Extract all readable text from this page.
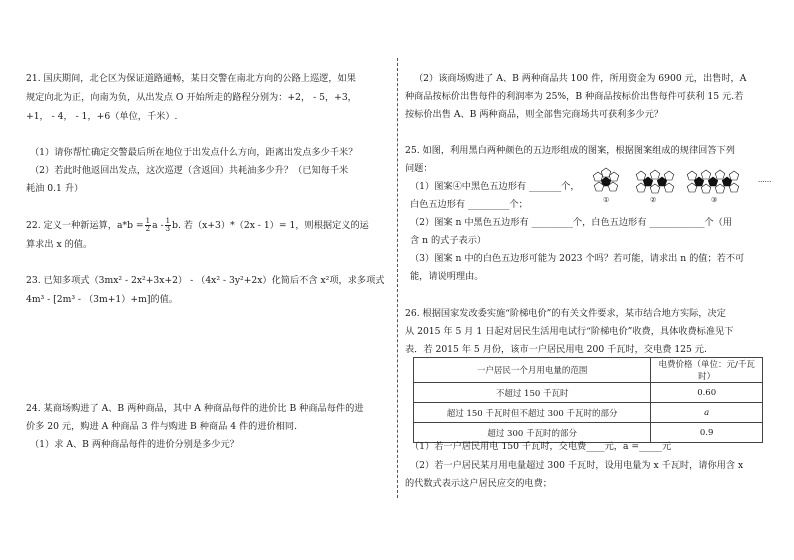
21. 国庆期间，北仑区为保证道路通畅，某日交警在南北方向的公路上巡逻，如果
规定向北为正，向南为负，从出发点 O 开始所走的路程分别为：+2， - 5，+3，
+1， - 4， - 1，+6（单位，千米）.
（1）请你帮忙确定交警最后所在地位于出发点什么方向，距离出发点多少千米？
（2）若此时他返回出发点，这次巡逻（含返回）共耗油多少升？（已知每千米
耗油 0.1 升）
22. 定义一种新运算，$a*b = \frac{1}{2}$ a - $\frac{1}{3} b$. 若（x+3）*（2x - 1）= 1，则根据定义的运
算求出 x 的值。
23. 已知多项式（3mx² - 2x²+3x+2） - （4x² - 3y²+2x）化简后不含 x²项，求多项式
4m³ - [2m³ - （3m+1）+m]的值。
24. 某商场购进了 A、B 两种商品，其中 A 种商品每件的进价比 B 种商品每件的进
价多 20 元，购进 A 种商品 3 件与购进 B 种商品 4 件的进价相同.
（1）求 A、B 两种商品每件的进价分别是多少元？
（2）该商场购进了 A、B 两种商品共 100 件，所用资金为 6900 元，出售时，A
种商品按标价出售每件的利润率为 25%，B 种商品按标价出售每件可获利 15 元.若
按标价出售 A、B 两种商品，则全部售完商场共可获利多少元？
25. 如图，利用黑白两种颜色的五边形组成的图案，根据图案组成的规律回答下列
问题：
（1）图案④中黑色五边形有 _______个，
白色五边形有 _________个；
（2）图案 n 中黑色五边形有 _________个，白色五边形有 ____________个（用
含 n 的式子表示）
（3）图案 n 中的白色五边形可能为 2023 个吗？若可能，请求出 n 的值；若不可
能，请说明理由。
①	②	③
......
26. 根据国家发改委实施“阶梯电价”的有关文件要求，某市结合地方实际，决定
从 2015 年 5 月 1 日起对居民生活用电试行“阶梯电价”收费，具体收费标准见下
表．若 2015 年 5 月份，该市一户居民用电 200 千瓦时，交电费 125 元.
一户居民一个月用电量的范围	电费价格（单位：元/千瓦时）
不超过 150 千瓦时	0.60
超过 150 千瓦时但不超过 300 千瓦时的部分	a
超过 300 千瓦时的部分	0.9
（1）若一户居民用电 150 千瓦时，交电费____元，a =_____元
（2）若一户居民某月用电量超过 300 千瓦时，设用电量为 x 千瓦时，请你用含 x
的代数式表示这户居民应交的电费；
